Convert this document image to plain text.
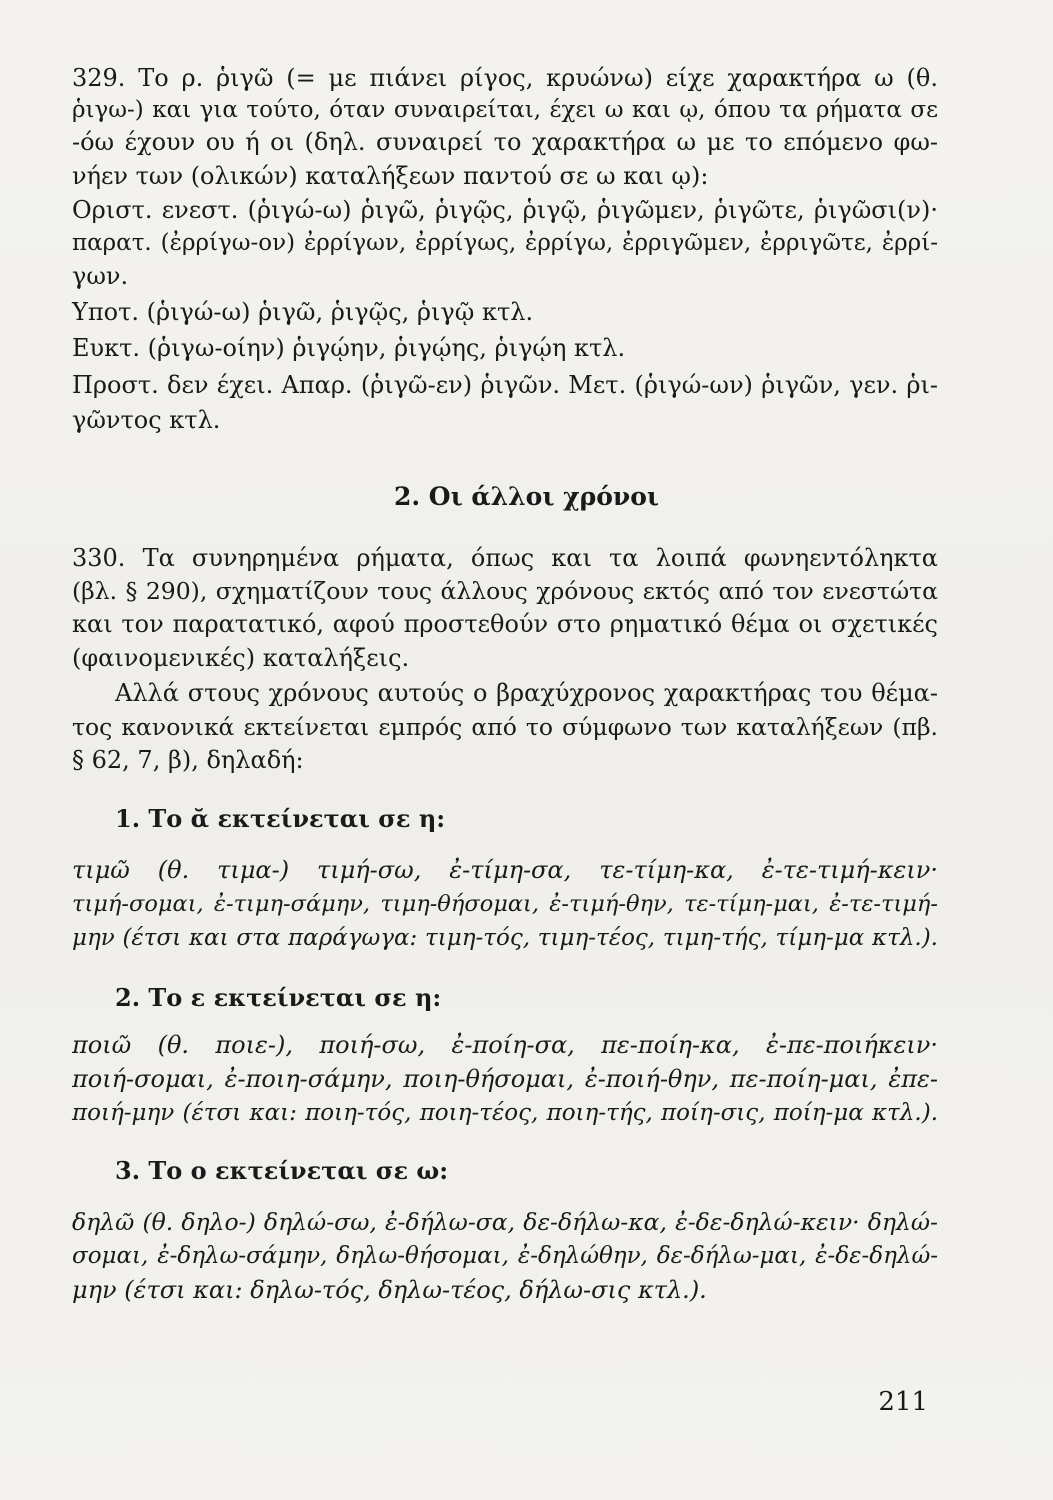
329. Το ρ. ῥιγῶ (= με πιάνει ρίγος, κρυώνω) είχε χαρακτήρα ω (θ.
ῥιγω-) και για τούτο, όταν συναιρείται, έχει ω και ῳ, όπου τα ρήματα σε
-όω έχουν ου ή οι (δηλ. συναιρεί το χαρακτήρα ω με το επόμενο φω-
νήεν των (ολικών) καταλήξεων παντού σε ω και ῳ):
Οριστ. ενεστ. (ῥιγώ-ω) ῥιγῶ, ῥιγῷς, ῥιγῷ, ῥιγῶμεν, ῥιγῶτε, ῥιγῶσι(ν)·
παρατ. (ἐρρίγω-ον) ἐρρίγων, ἐρρίγως, ἐρρίγω, ἐρριγῶμεν, ἐρριγῶτε, ἐρρί-
γων.
Υποτ. (ῥιγώ-ω) ῥιγῶ, ῥιγῷς, ῥιγῷ κτλ.
Ευκτ. (ῥιγω-οίην) ῥιγῴην, ῥιγῴης, ῥιγῴη κτλ.
Προστ. δεν έχει. Απαρ. (ῥιγῶ-εν) ῥιγῶν. Μετ. (ῥιγώ-ων) ῥιγῶν, γεν. ῥι-
γῶντος κτλ.
2. Οι άλλοι χρόνοι
330. Τα συνηρημένα ρήματα, όπως και τα λοιπά φωνηεντόληκτα
(βλ. § 290), σχηματίζουν τους άλλους χρόνους εκτός από τον ενεστώτα
και τον παρατατικό, αφού προστεθούν στο ρηματικό θέμα οι σχετικές
(φαινομενικές) καταλήξεις.
Αλλά στους χρόνους αυτούς ο βραχύχρονος χαρακτήρας του θέμα-
τος κανονικά εκτείνεται εμπρός από το σύμφωνο των καταλήξεων (πβ.
§ 62, 7, β), δηλαδή:
1. Το ᾰ εκτείνεται σε η:
τιμῶ (θ. τιμα-) τιμή-σω, ἐ-τίμη-σα, τε-τίμη-κα, ἐ-τε-τιμή-κειν·
τιμή-σομαι, ἐ-τιμη-σάμην, τιμη-θήσομαι, ἐ-τιμή-θην, τε-τίμη-μαι, ἐ-τε-τιμή-
μην (έτσι και στα παράγωγα: τιμη-τός, τιμη-τέος, τιμη-τής, τίμη-μα κτλ.).
2. Το ε εκτείνεται σε η:
ποιῶ (θ. ποιε-), ποιή-σω, ἐ-ποίη-σα, πε-ποίη-κα, ἐ-πε-ποιήκειν·
ποιή-σομαι, ἐ-ποιη-σάμην, ποιη-θήσομαι, ἐ-ποιή-θην, πε-ποίη-μαι, ἐπε-
ποιή-μην (έτσι και: ποιη-τός, ποιη-τέος, ποιη-τής, ποίη-σις, ποίη-μα κτλ.).
3. Το ο εκτείνεται σε ω:
δηλῶ (θ. δηλο-) δηλώ-σω, ἐ-δήλω-σα, δε-δήλω-κα, ἐ-δε-δηλώ-κειν· δηλώ-
σομαι, ἐ-δηλω-σάμην, δηλω-θήσομαι, ἐ-δηλώθην, δε-δήλω-μαι, ἐ-δε-δηλώ-
μην (έτσι και: δηλω-τός, δηλω-τέος, δήλω-σις κτλ.).
211
